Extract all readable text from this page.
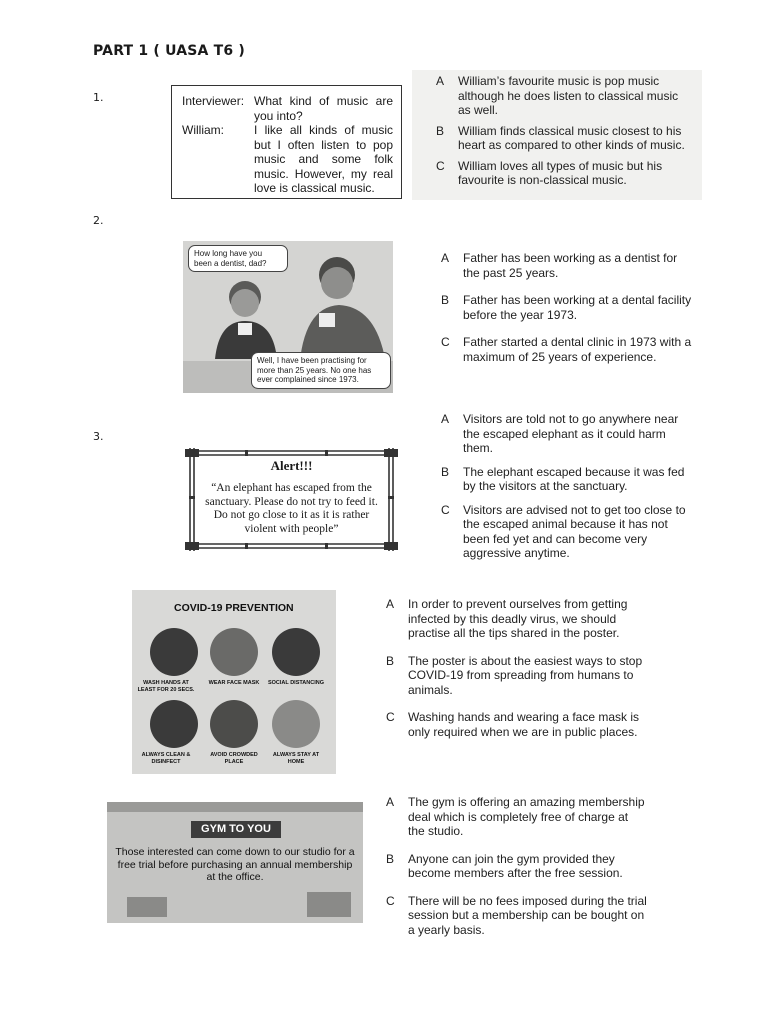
PART 1 ( UASA T6 )
1.	Interviewer: What kind of music are you into?
William:	I like all kinds of music but I often listen to pop music and some folk music. However, my real love is classical music.
A	William’s favourite music is pop music although he does listen to classical music as well.
B	William finds classical music closest to his heart as compared to other kinds of music.
C	William loves all types of music but his favourite is non-classical music.
2.
How long have you been a dentist, dad?
Well, I have been practising for more than 25 years. No one has ever complained since 1973.
A	Father has been working as a dentist for the past 25 years.
B	Father has been working at a dental facility before the year 1973.
C	Father started a dental clinic in 1973 with a maximum of 25 years of experience.
3.
Alert!!!
“An elephant has escaped from the sanctuary. Please do not try to feed it. Do not go close to it as it is rather violent with people”
A	Visitors are told not to go anywhere near the escaped elephant as it could harm them.
B	The elephant escaped because it was fed by the visitors at the sanctuary.
C	Visitors are advised not to get too close to the escaped animal because it has not been fed yet and can become very aggressive anytime.
COVID-19 PREVENTION
WASH HANDS AT LEAST FOR 20 SECS.
WEAR FACE MASK	SOCIAL DISTANCING
ALWAYS CLEAN & DISINFECT
AVOID CROWDED PLACE
ALWAYS STAY AT HOME
A	In order to prevent ourselves from getting infected by this deadly virus, we should practise all the tips shared in the poster.
B	The poster is about the easiest ways to stop COVID-19 from spreading from humans to animals.
C	Washing hands and wearing a face mask is only required when we are in public places.
GYM TO YOU
Those interested can come down to our studio for a free trial before purchasing an annual membership at the office.
A	The gym is offering an amazing membership deal which is completely free of charge at the studio.
B	Anyone can join the gym provided they become members after the free session.
C	There will be no fees imposed during the trial session but a membership can be bought on a yearly basis.
